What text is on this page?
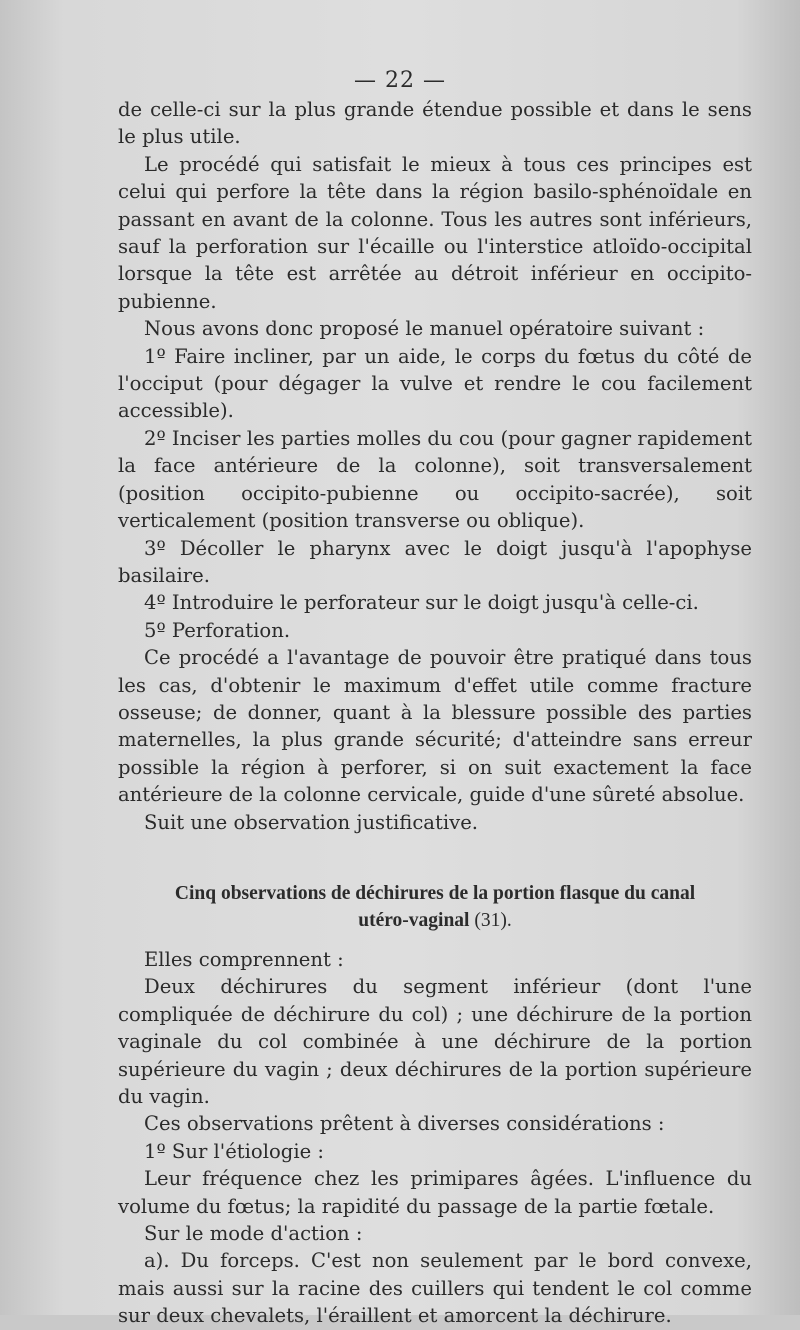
— 22 —

de celle-ci sur la plus grande étendue possible et dans le sens le plus utile.

Le procédé qui satisfait le mieux à tous ces principes est celui qui perfore la tête dans la région basilo-sphénoïdale en passant en avant de la colonne. Tous les autres sont inférieurs, sauf la perforation sur l'écaille ou l'interstice atloïdo-occipital lorsque la tête est arrêtée au détroit inférieur en occipito-pubienne.

Nous avons donc proposé le manuel opératoire suivant :

1º Faire incliner, par un aide, le corps du fœtus du côté de l'occiput (pour dégager la vulve et rendre le cou facilement accessible).

2º Inciser les parties molles du cou (pour gagner rapidement la face antérieure de la colonne), soit transversalement (position occipito-pubienne ou occipito-sacrée), soit verticalement (position transverse ou oblique).

3º Décoller le pharynx avec le doigt jusqu'à l'apophyse basilaire.

4º Introduire le perforateur sur le doigt jusqu'à celle-ci.

5º Perforation.

Ce procédé a l'avantage de pouvoir être pratiqué dans tous les cas, d'obtenir le maximum d'effet utile comme fracture osseuse; de donner, quant à la blessure possible des parties maternelles, la plus grande sécurité; d'atteindre sans erreur possible la région à perforer, si on suit exactement la face antérieure de la colonne cervicale, guide d'une sûreté absolue.

Suit une observation justificative.

Cinq observations de déchirures de la portion flasque du canal
utéro-vaginal (31).

Elles comprennent :

Deux déchirures du segment inférieur (dont l'une compliquée de déchirure du col) ; une déchirure de la portion vaginale du col combinée à une déchirure de la portion supérieure du vagin ; deux déchirures de la portion supérieure du vagin.

Ces observations prêtent à diverses considérations :

1º Sur l'étiologie :

Leur fréquence chez les primipares âgées. L'influence du volume du fœtus; la rapidité du passage de la partie fœtale.

Sur le mode d'action :

a). Du forceps. C'est non seulement par le bord convexe, mais aussi sur la racine des cuillers qui tendent le col comme sur deux chevalets, l'éraillent et amorcent la déchirure.
